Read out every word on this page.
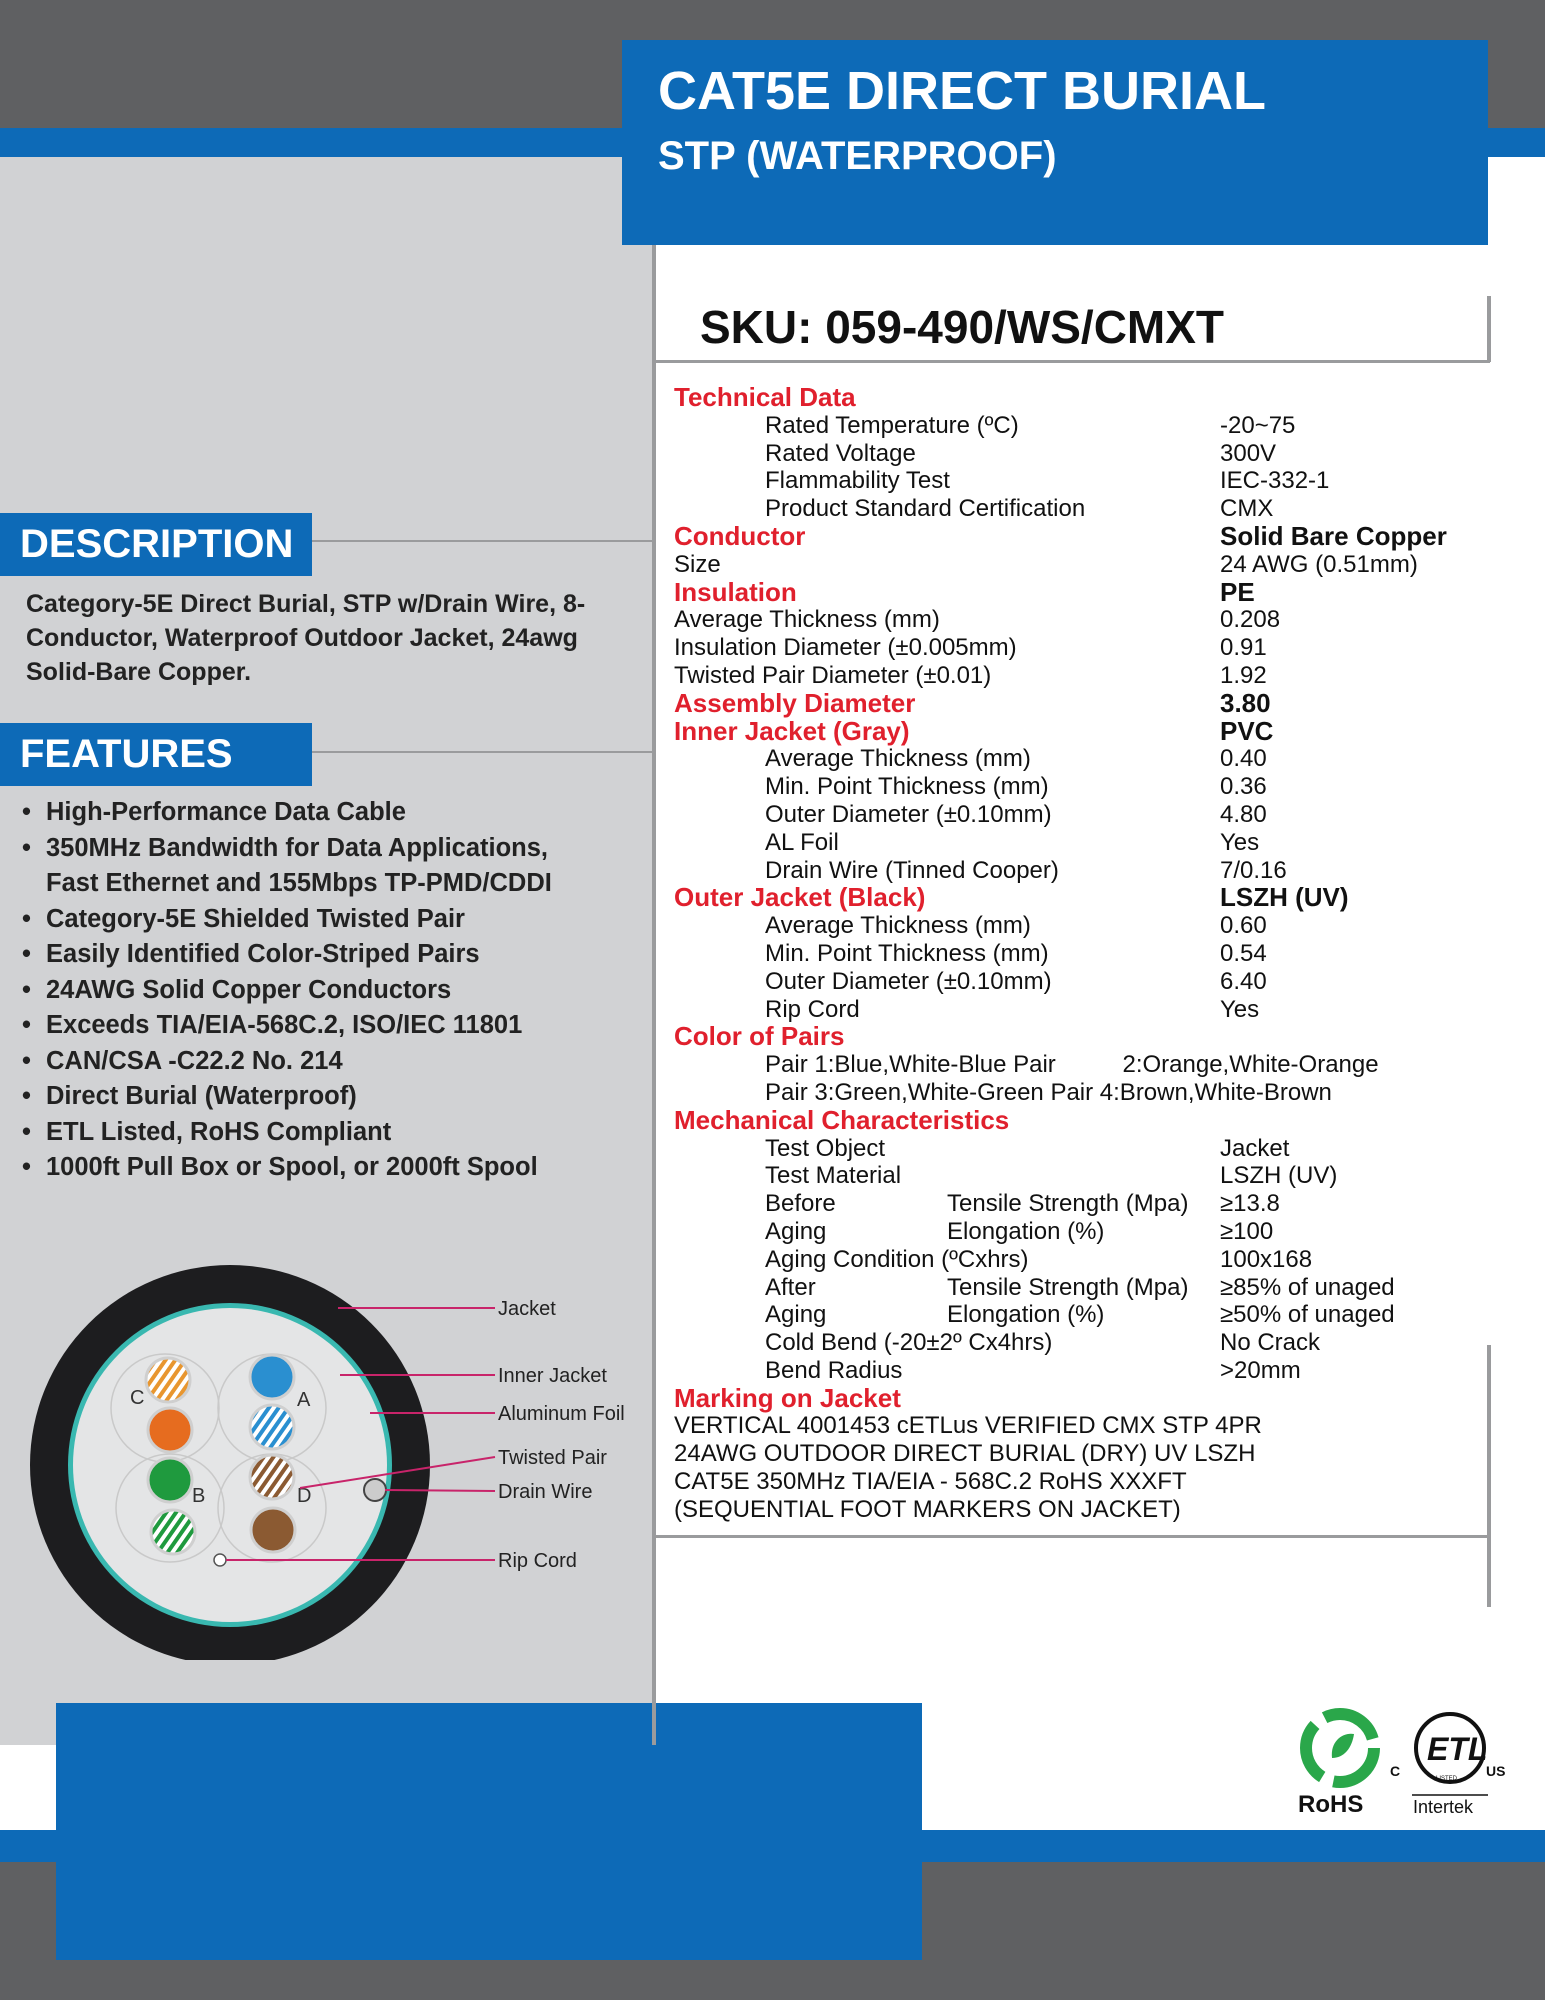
CAT5E DIRECT BURIAL
STP (WATERPROOF)
SKU: 059-490/WS/CMXT
DESCRIPTION
Category-5E Direct Burial, STP w/Drain Wire, 8-Conductor, Waterproof Outdoor Jacket, 24awg Solid-Bare Copper.
FEATURES
• High-Performance Data Cable
• 350MHz Bandwidth for Data Applications,
Fast Ethernet and 155Mbps TP-PMD/CDDI
• Category-5E Shielded Twisted Pair
• Easily Identified Color-Striped Pairs
• 24AWG Solid Copper Conductors
• Exceeds TIA/EIA-568C.2, ISO/IEC 11801
• CAN/CSA -C22.2 No. 214
• Direct Burial (Waterproof)
• ETL Listed, RoHS Compliant
• 1000ft Pull Box or Spool, or 2000ft Spool
Technical Data
Rated Temperature (ºC)	-20~75
Rated Voltage	300V
Flammability Test	IEC-332-1
Product Standard Certification	CMX
Conductor	Solid Bare Copper
Size	24 AWG (0.51mm)
Insulation	PE
Average Thickness (mm)	0.208
Insulation Diameter (±0.005mm)	0.91
Twisted Pair Diameter (±0.01)	1.92
Assembly Diameter	3.80
Inner Jacket (Gray)	PVC
Average Thickness (mm)	0.40
Min. Point Thickness (mm)	0.36
Outer Diameter (±0.10mm)	4.80
AL Foil	Yes
Drain Wire (Tinned Cooper)	7/0.16
Outer Jacket (Black)	LSZH (UV)
Average Thickness (mm)	0.60
Min. Point Thickness (mm)	0.54
Outer Diameter (±0.10mm)	6.40
Rip Cord	Yes
Color of Pairs
Pair 1:Blue,White-Blue Pair          2:Orange,White-Orange
Pair 3:Green,White-Green Pair 4:Brown,White-Brown
Mechanical Characteristics
Test Object	Jacket
Test Material	LSZH (UV)
Before	Tensile Strength (Mpa) ≥13.8
Aging	Elongation (%)	≥100
Aging Condition (ºCxhrs)	100x168
After	Tensile Strength (Mpa) ≥85% of unaged
Aging	Elongation (%)	≥50% of unaged
Cold Bend (-20±2º Cx4hrs)	No Crack
Bend Radius	>20mm
Marking on Jacket
VERTICAL 4001453 cETLus VERIFIED CMX STP 4PR
24AWG OUTDOOR DIRECT BURIAL (DRY) UV LSZH
CAT5E 350MHz TIA/EIA - 568C.2 RoHS XXXFT
(SEQUENTIAL FOOT MARKERS ON JACKET)
C	A
B	D
Jacket
Inner Jacket
Aluminum Foil
Twisted Pair
Drain Wire
Rip Cord
RoHS
ETL
C	US
LISTED
Intertek
